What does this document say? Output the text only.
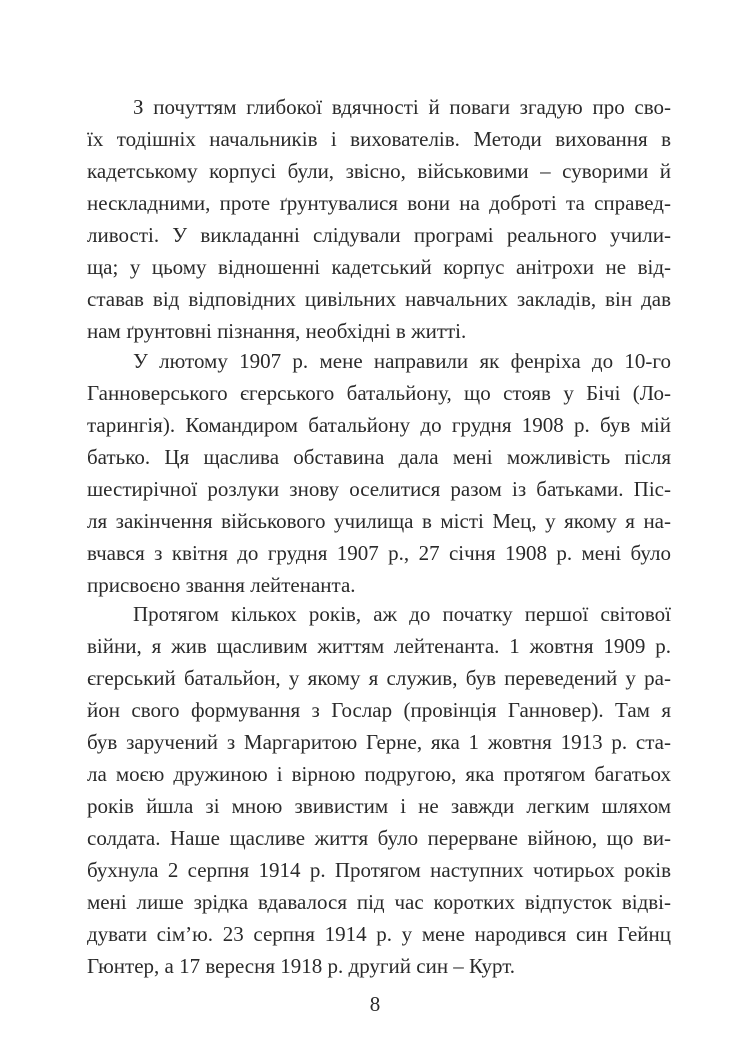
З почуттям глибокої вдячності й поваги згадую про сво-
їх тодішніх начальників і вихователів. Методи виховання в
кадетському корпусі були, звісно, військовими – суворими й
нескладними, проте ґрунтувалися вони на доброті та справед-
ливості. У викладанні слідували програмі реального учили-
ща; у цьому відношенні кадетський корпус анітрохи не від-
ставав від відповідних цивільних навчальних закладів, він дав
нам ґрунтовні пізнання, необхідні в житті.
У лютому 1907 р. мене направили як фенріха до 10-го
Ганноверського єгерського батальйону, що стояв у Бічі (Ло-
тарингія). Командиром батальйону до грудня 1908 р. був мій
батько. Ця щаслива обставина дала мені можливість після
шестирічної розлуки знову оселитися разом із батьками. Піс-
ля закінчення військового училища в місті Мец, у якому я на-
вчався з квітня до грудня 1907 р., 27 січня 1908 р. мені було
присвоєно звання лейтенанта.
Протягом кількох років, аж до початку першої світової
війни, я жив щасливим життям лейтенанта. 1 жовтня 1909 р.
єгерський батальйон, у якому я служив, був переведений у ра-
йон свого формування з Гослар (провінція Ганновер). Там я
був заручений з Маргаритою Герне, яка 1 жовтня 1913 р. ста-
ла моєю дружиною і вірною подругою, яка протягом багатьох
років йшла зі мною звивистим і не завжди легким шляхом
солдата. Наше щасливе життя було перерване війною, що ви-
бухнула 2 серпня 1914 р. Протягом наступних чотирьох років
мені лише зрідка вдавалося під час коротких відпусток відві-
дувати сім’ю. 23 серпня 1914 р. у мене народився син Гейнц
Гюнтер, а 17 вересня 1918 р. другий син – Курт.
8
